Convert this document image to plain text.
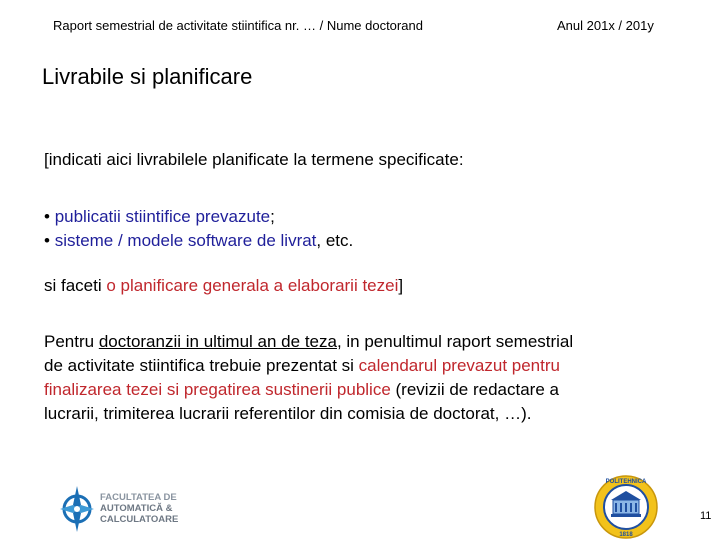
Raport semestrial de activitate stiintifica nr. … / Nume doctorand	Anul 201x / 201y
Livrabile si planificare
[indicati aici livrabilele planificate la termene specificate:
• publicatii stiintifice prevazute;
• sisteme / modele software de livrat, etc.
si faceti o planificare generala a elaborarii tezei]
Pentru doctoranzii in ultimul an de teza, in penultimul raport semestrial
de activitate stiintifica trebuie prezentat si calendarul prevazut pentru
finalizarea tezei si pregatirea sustinerii publice (revizii de redactare a
lucrarii, trimiterea lucrarii referentilor din comisia de doctorat, …).
FACULTATEA DE
AUTOMATICĂ &
CALCULATOARE
POLITEHNICA
1818
11
